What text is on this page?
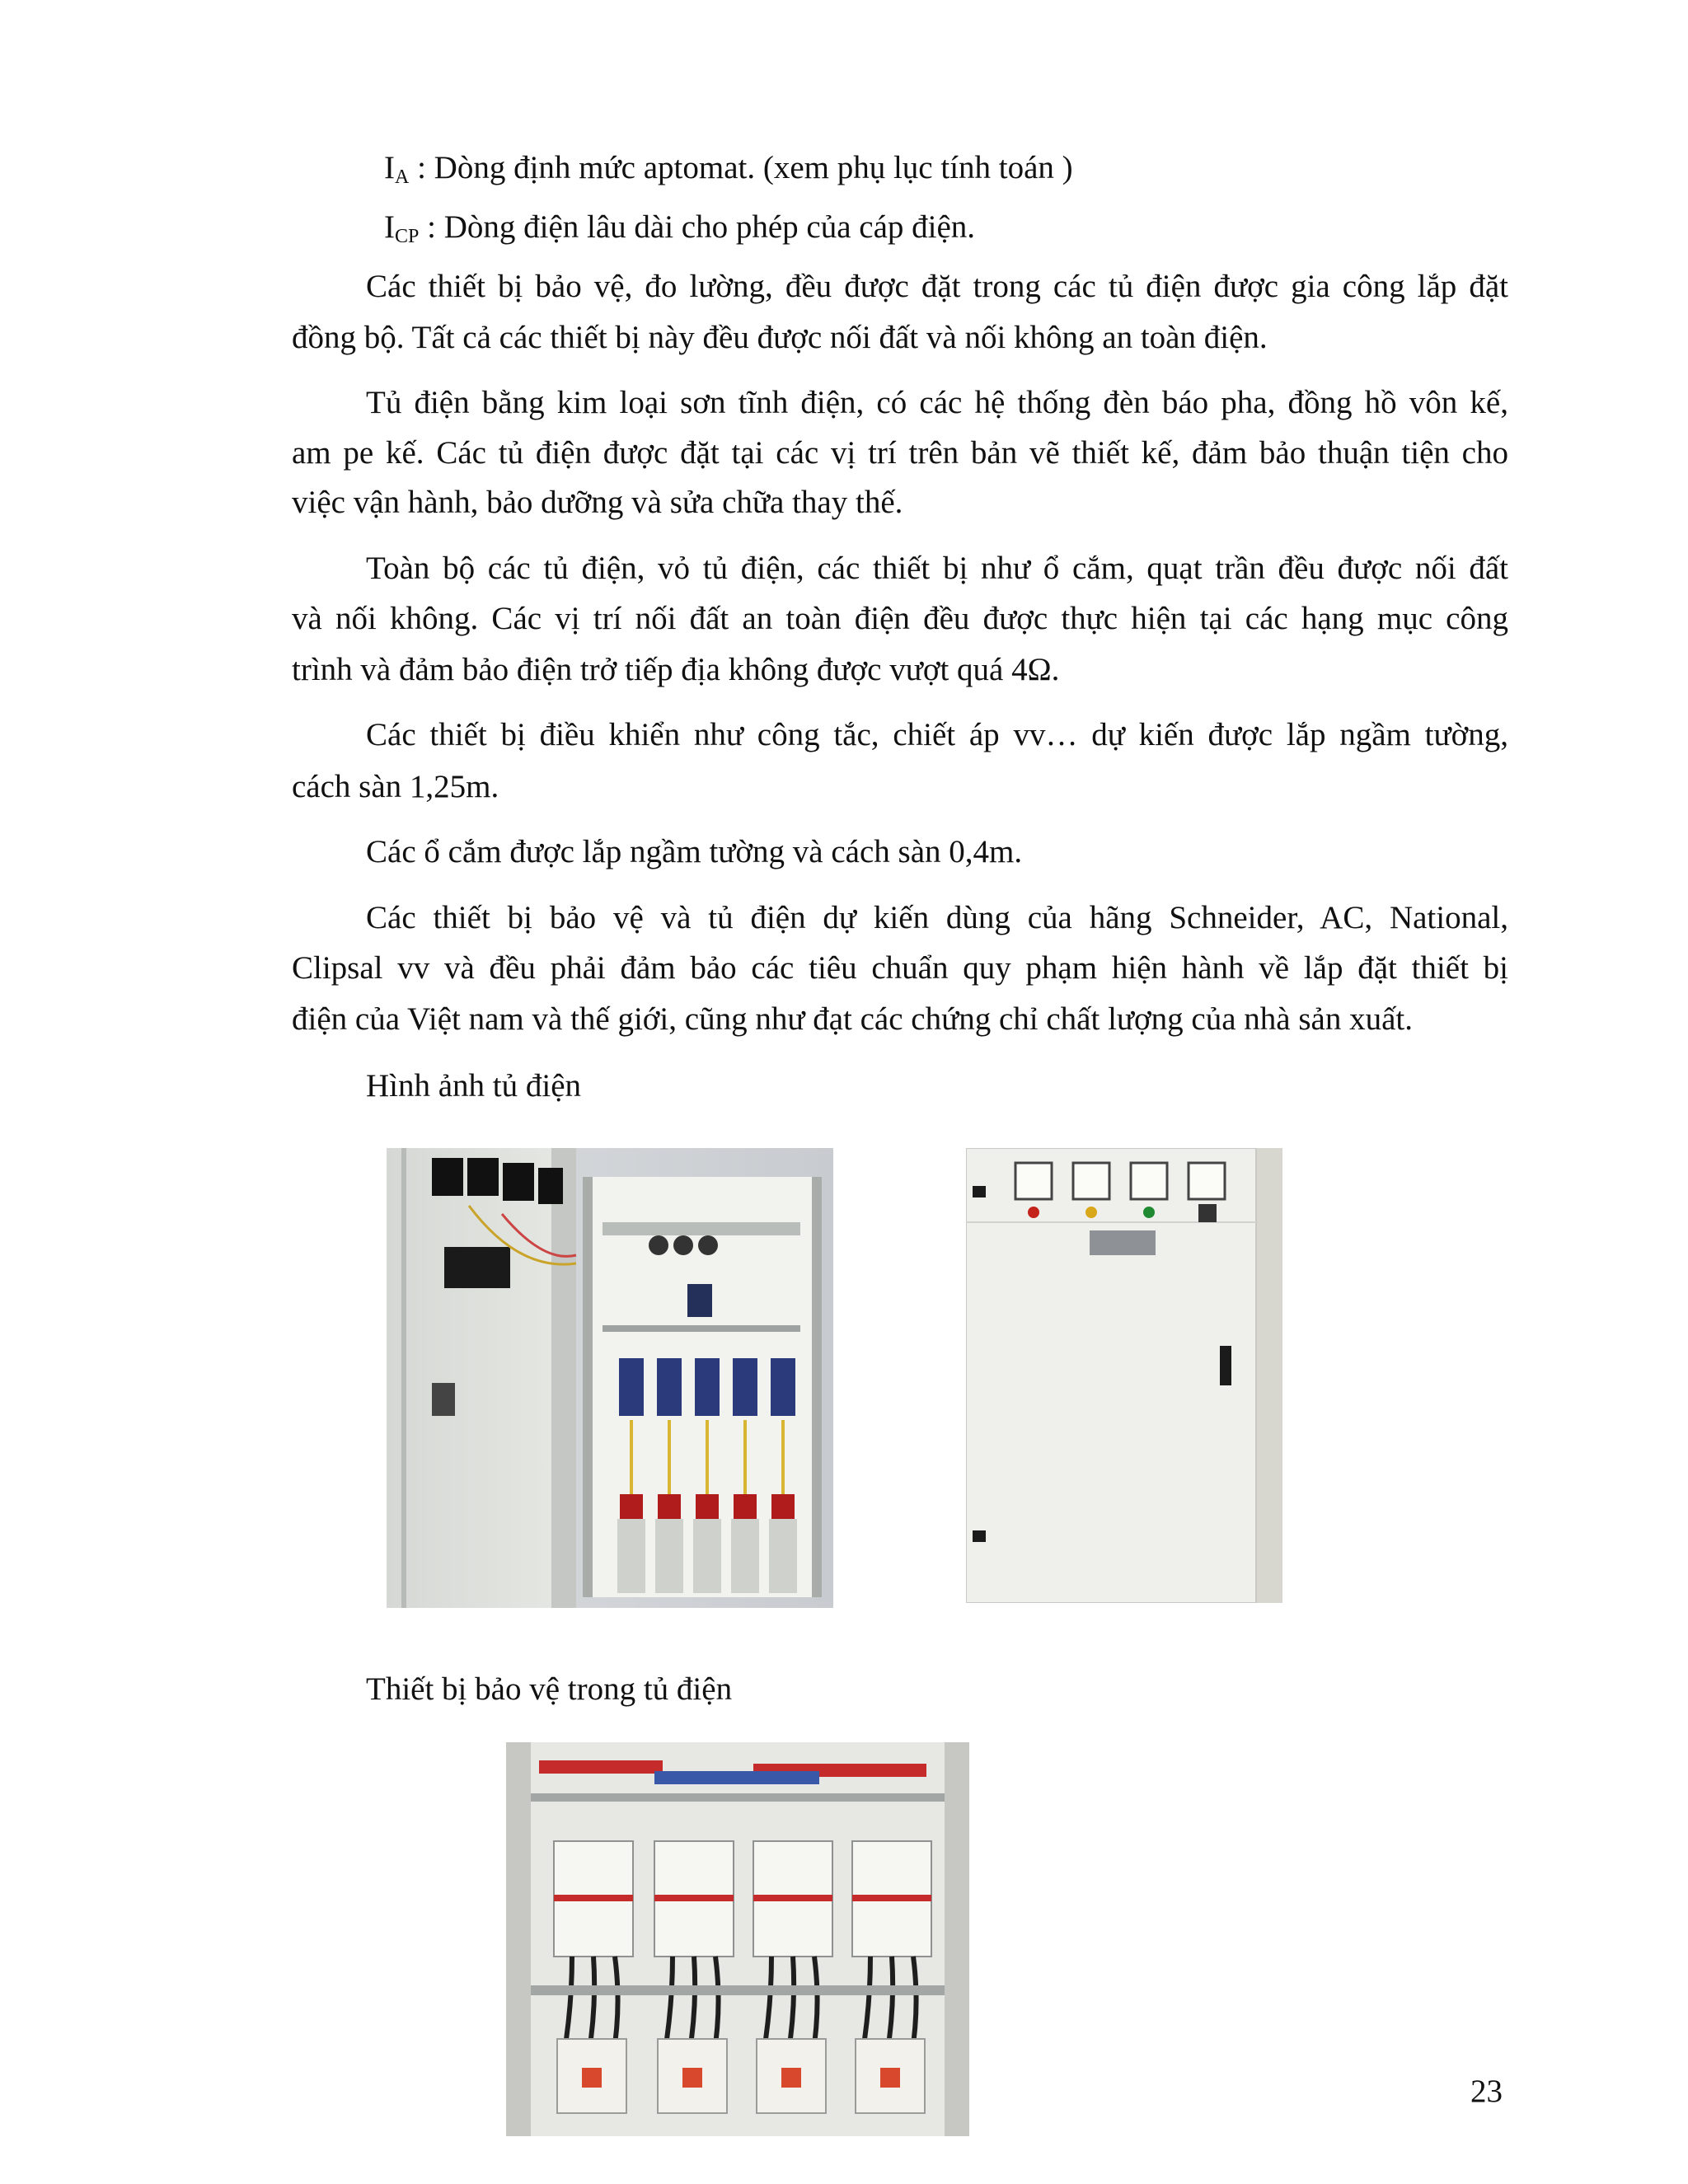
$I_A$ : Dòng định mức aptomat. (xem phụ lục tính toán )
$I_{CP}$ : Dòng điện lâu dài cho phép của cáp điện.
Các thiết bị bảo vệ, đo lường, đều được đặt trong các tủ điện được gia công lắp đặt
đồng bộ. Tất cả các thiết bị này đều được nối đất và nối không an toàn điện.
Tủ điện bằng kim loại sơn tĩnh điện, có các hệ thống đèn báo pha, đồng hồ vôn kế,
am pe kế. Các tủ điện được đặt tại các vị trí trên bản vẽ thiết kế, đảm bảo thuận tiện cho
việc vận hành, bảo dưỡng và sửa chữa thay thế.
Toàn bộ các tủ điện, vỏ tủ điện, các thiết bị như ổ cắm, quạt trần đều được nối đất
và nối không. Các vị trí nối đất an toàn điện đều được thực hiện tại các hạng mục công
trình và đảm bảo điện trở tiếp địa không được vượt quá 4Ω.
Các thiết bị điều khiển như công tắc, chiết áp vv… dự kiến được lắp ngầm tường,
cách sàn 1,25m.
Các ổ cắm được lắp ngầm tường và cách sàn 0,4m.
Các thiết bị bảo vệ và tủ điện dự kiến dùng của hãng Schneider, AC, National,
Clipsal vv và đều phải đảm bảo các tiêu chuẩn quy phạm hiện hành về lắp đặt thiết bị
điện của Việt nam và thế giới, cũng như đạt các chứng chỉ chất lượng của nhà sản xuất.
Hình ảnh tủ điện
Thiết bị bảo vệ trong tủ điện
23
